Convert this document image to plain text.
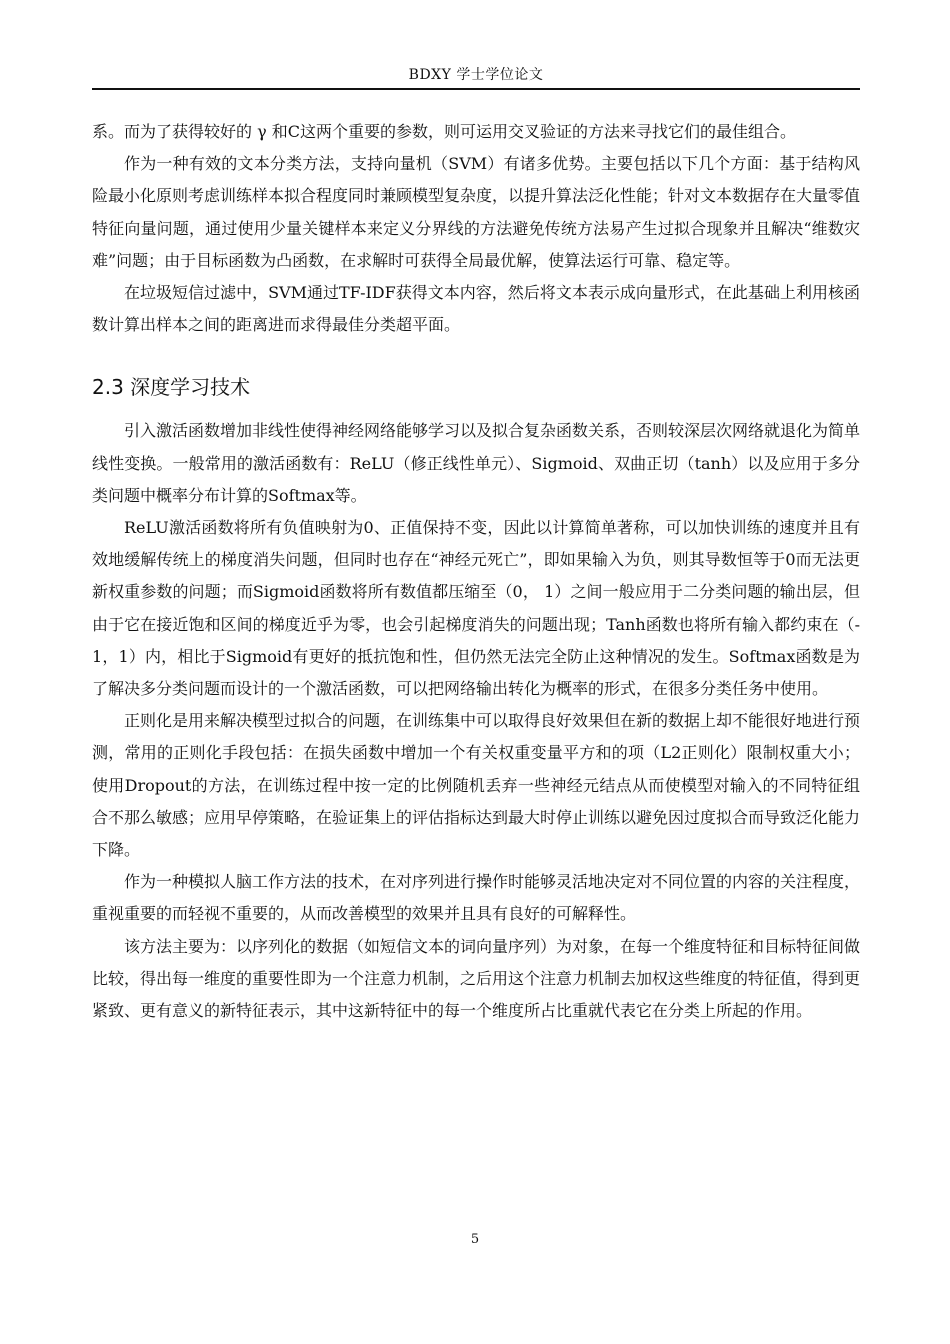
BDXY 学士学位论文

系。而为了获得较好的 γ 和C这两个重要的参数，则可运用交叉验证的方法来寻找它们的最佳组合。

作为一种有效的文本分类方法，支持向量机（SVM）有诸多优势。主要包括以下几个方面：基于结构风险最小化原则考虑训练样本拟合程度同时兼顾模型复杂度，以提升算法泛化性能；针对文本数据存在大量零值特征向量问题，通过使用少量关键样本来定义分界线的方法避免传统方法易产生过拟合现象并且解决“维数灾难”问题；由于目标函数为凸函数，在求解时可获得全局最优解，使算法运行可靠、稳定等。

在垃圾短信过滤中，SVM通过TF-IDF获得文本内容，然后将文本表示成向量形式，在此基础上利用核函数计算出样本之间的距离进而求得最佳分类超平面。

2.3 深度学习技术

引入激活函数增加非线性使得神经网络能够学习以及拟合复杂函数关系，否则较深层次网络就退化为简单线性变换。一般常用的激活函数有：ReLU（修正线性单元）、Sigmoid、双曲正切（tanh）以及应用于多分类问题中概率分布计算的Softmax等。

ReLU激活函数将所有负值映射为0、正值保持不变，因此以计算简单著称，可以加快训练的速度并且有效地缓解传统上的梯度消失问题，但同时也存在“神经元死亡”，即如果输入为负，则其导数恒等于0而无法更新权重参数的问题；而Sigmoid函数将所有数值都压缩至（0， 1）之间一般应用于二分类问题的输出层，但由于它在接近饱和区间的梯度近乎为零，也会引起梯度消失的问题出现；Tanh函数也将所有输入都约束在（-1，1）内，相比于Sigmoid有更好的抵抗饱和性，但仍然无法完全防止这种情况的发生。Softmax函数是为了解决多分类问题而设计的一个激活函数，可以把网络输出转化为概率的形式，在很多分类任务中使用。

正则化是用来解决模型过拟合的问题，在训练集中可以取得良好效果但在新的数据上却不能很好地进行预测，常用的正则化手段包括：在损失函数中增加一个有关权重变量平方和的项（L2正则化）限制权重大小；使用Dropout的方法，在训练过程中按一定的比例随机丢弃一些神经元结点从而使模型对输入的不同特征组合不那么敏感；应用早停策略，在验证集上的评估指标达到最大时停止训练以避免因过度拟合而导致泛化能力下降。

作为一种模拟人脑工作方法的技术，在对序列进行操作时能够灵活地决定对不同位置的内容的关注程度，重视重要的而轻视不重要的，从而改善模型的效果并且具有良好的可解释性。

该方法主要为：以序列化的数据（如短信文本的词向量序列）为对象，在每一个维度特征和目标特征间做比较，得出每一维度的重要性即为一个注意力机制，之后用这个注意力机制去加权这些维度的特征值，得到更紧致、更有意义的新特征表示，其中这新特征中的每一个维度所占比重就代表它在分类上所起的作用。

5
